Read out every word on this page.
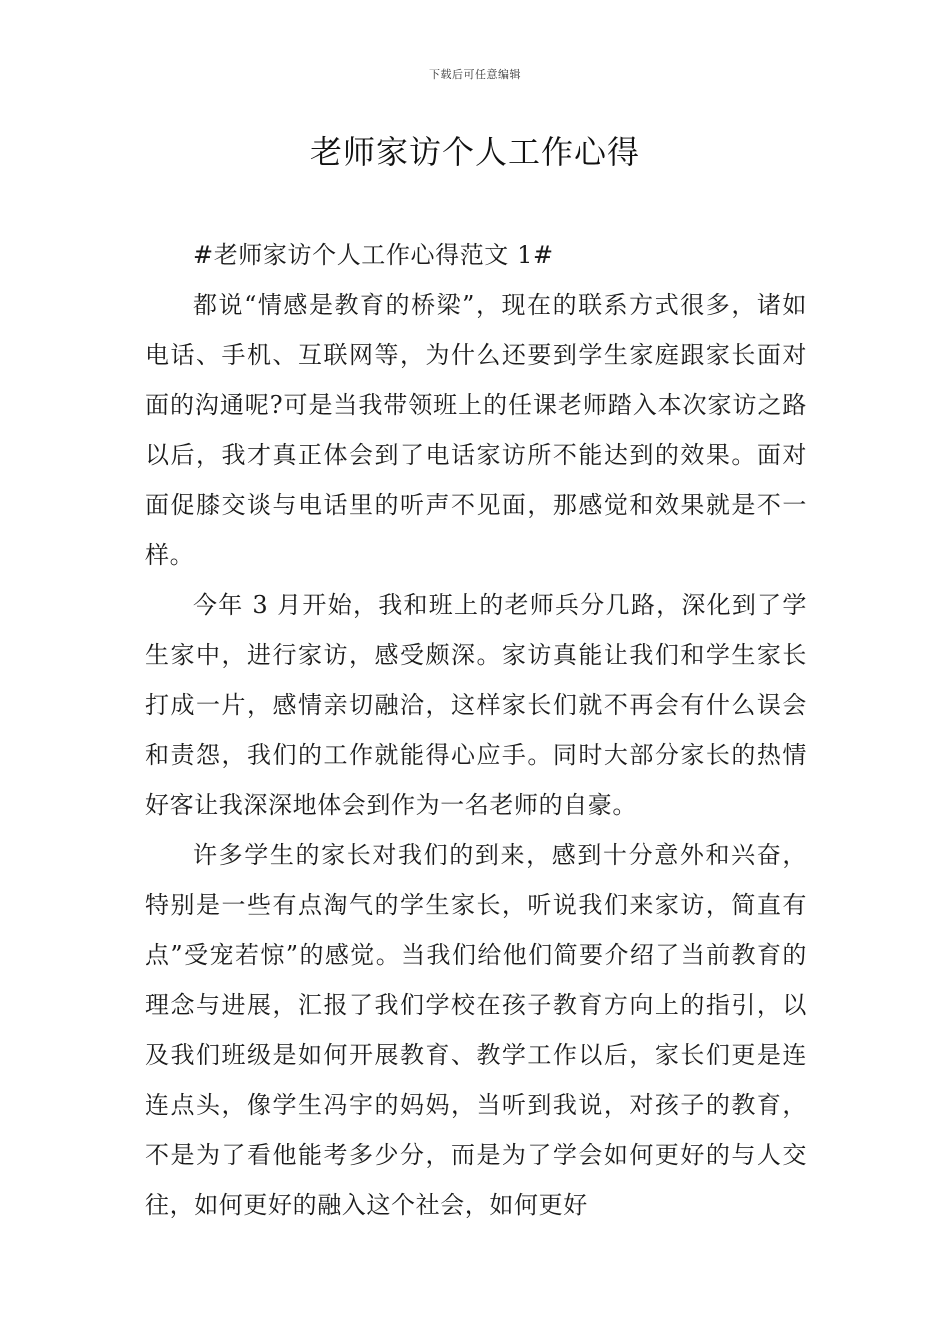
下载后可任意编辑
老师家访个人工作心得

#老师家访个人工作心得范文 1#

都说“情感是教育的桥梁”，现在的联系方式很多，诸如电话、手机、互联网等，为什么还要到学生家庭跟家长面对面的沟通呢?可是当我带领班上的任课老师踏入本次家访之路以后，我才真正体会到了电话家访所不能达到的效果。面对面促膝交谈与电话里的听声不见面，那感觉和效果就是不一样。

今年 3 月开始，我和班上的老师兵分几路，深化到了学生家中，进行家访，感受颇深。家访真能让我们和学生家长打成一片，感情亲切融洽，这样家长们就不再会有什么误会和责怨，我们的工作就能得心应手。同时大部分家长的热情好客让我深深地体会到作为一名老师的自豪。

许多学生的家长对我们的到来，感到十分意外和兴奋，特别是一些有点淘气的学生家长，听说我们来家访，简直有点”受宠若惊”的感觉。当我们给他们简要介绍了当前教育的理念与进展，汇报了我们学校在孩子教育方向上的指引，以及我们班级是如何开展教育、教学工作以后，家长们更是连连点头，像学生冯宇的妈妈，当听到我说，对孩子的教育，不是为了看他能考多少分，而是为了学会如何更好的与人交往，如何更好的融入这个社会，如何更好
